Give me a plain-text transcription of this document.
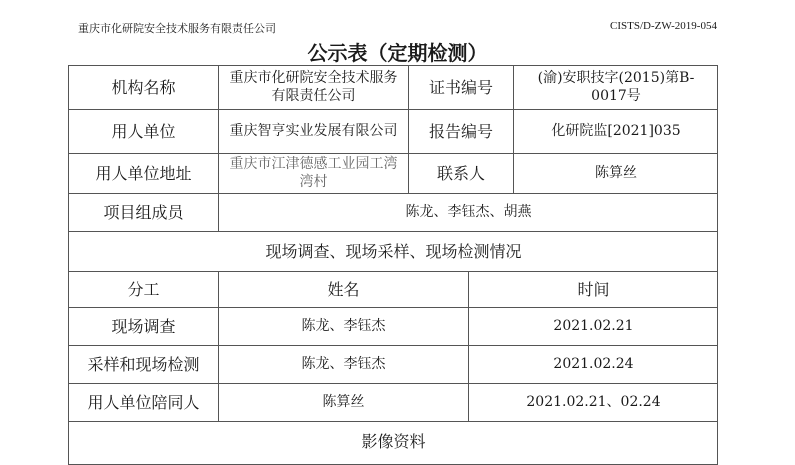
重庆市化研院安全技术服务有限责任公司	CISTS/D-ZW-2019-054
公示表（定期检测）
机构名称	重庆市化研院安全技术服务有限责任公司	证书编号	(渝)安职技字(2015)第B-0017号
用人单位	重庆智亨实业发展有限公司	报告编号	化研院监[2021]035
用人单位地址	重庆市江津德感工业园工湾湾村	联系人	陈算丝
项目组成员	陈龙、李钰杰、胡燕
现场调查、现场采样、现场检测情况
分工	姓名	时间
现场调查	陈龙、李钰杰	2021.02.21
采样和现场检测	陈龙、李钰杰	2021.02.24
用人单位陪同人	陈算丝	2021.02.21、02.24
影像资料
